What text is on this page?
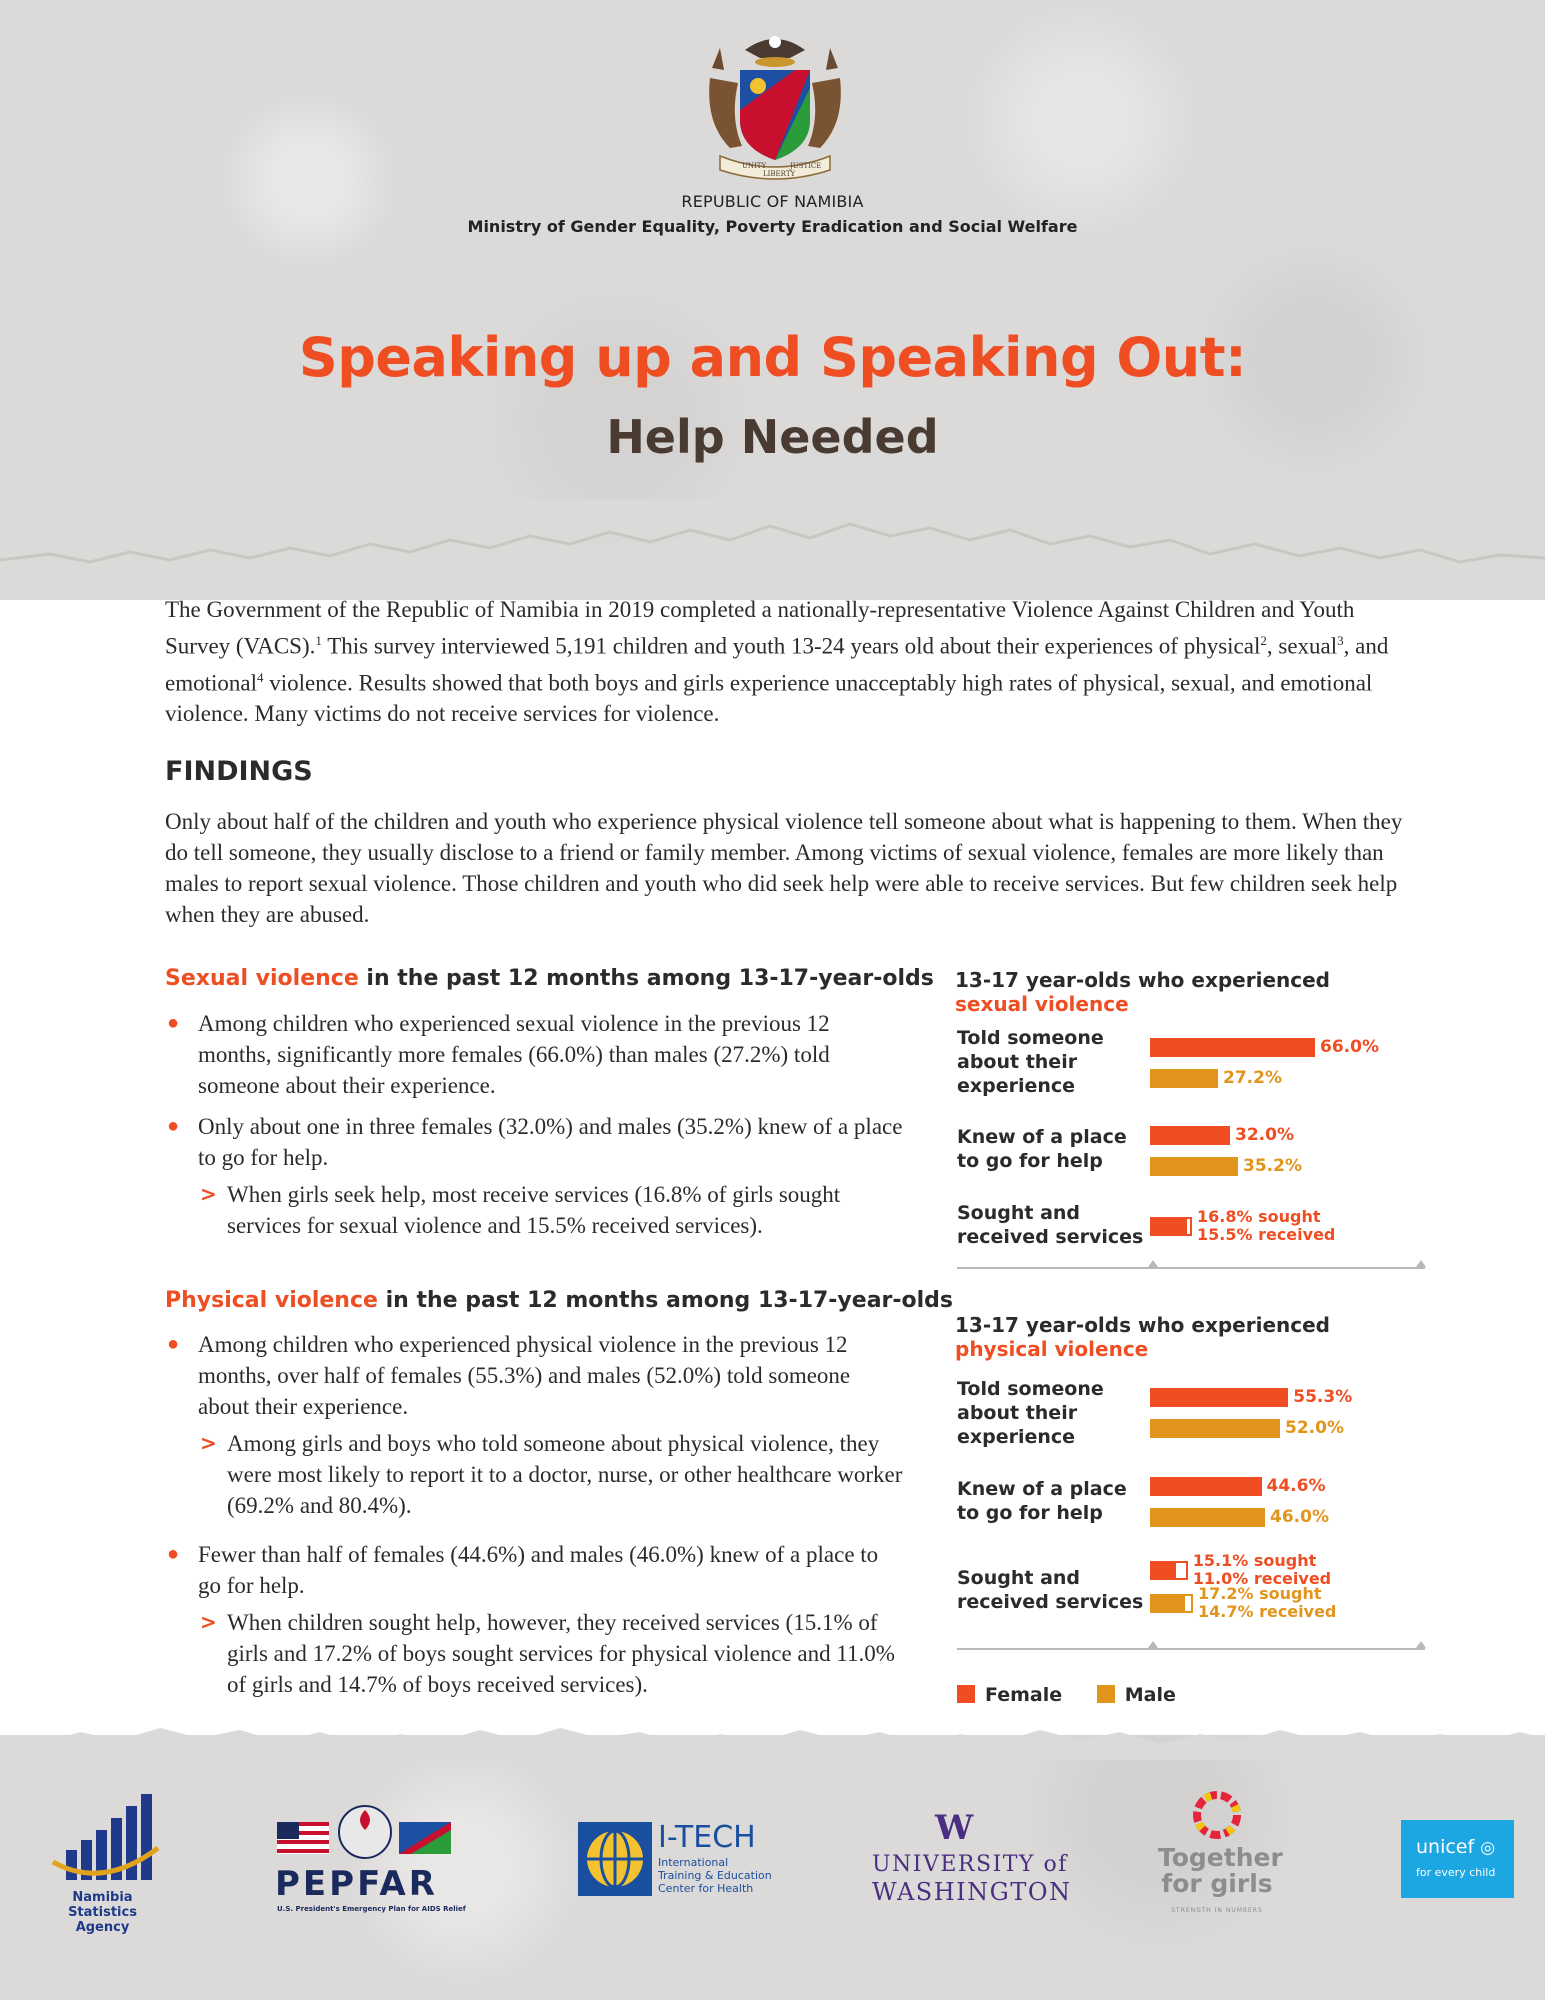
UNITY
LIBERTY
JUSTICE
REPUBLIC OF NAMIBIA
Ministry of Gender Equality, Poverty Eradication and Social Welfare
Speaking up and Speaking Out:
Help Needed

The Government of the Republic of Namibia in 2019 completed a nationally-representative Violence Against Children and Youth Survey (VACS).$^1$ This survey interviewed 5,191 children and youth 13-24 years old about their experiences of physical$^2$, sexual$^3$, and emotional$^4$ violence. Results showed that both boys and girls experience unacceptably high rates of physical, sexual, and emotional violence. Many victims do not receive services for violence.

FINDINGS

Only about half of the children and youth who experience physical violence tell someone about what is happening to them. When they do tell someone, they usually disclose to a friend or family member. Among victims of sexual violence, females are more likely than males to report sexual violence. Those children and youth who did seek help were able to receive services. But few children seek help when they are abused.

Sexual violence in the past 12 months among 13-17-year-olds

● Among children who experienced sexual violence in the previous 12 months, significantly more females (66.0%) than males (27.2%) told someone about their experience.

● Only about one in three females (32.0%) and males (35.2%) knew of a place to go for help.

> When girls seek help, most receive services (16.8% of girls sought services for sexual violence and 15.5% received services).

Physical violence in the past 12 months among 13-17-year-olds

● Among children who experienced physical violence in the previous 12 months, over half of females (55.3%) and males (52.0%) told someone about their experience.

> Among girls and boys who told someone about physical violence, they were most likely to report it to a doctor, nurse, or other healthcare worker (69.2% and 80.4%).

● Fewer than half of females (44.6%) and males (46.0%) knew of a place to go for help.

> When children sought help, however, they received services (15.1% of girls and 17.2% of boys sought services for physical violence and 11.0% of girls and 14.7% of boys received services).

13-17 year-olds who experienced
sexual violence
Told someone
about their
experience
Knew of a place
to go for help
Sought and
received services
66.0%
32.0%
16.8% sought
15.5% received
27.2%
35.2%
13-17 year-olds who experienced
physical violence
Told someone
about their
experience
Knew of a place
to go for help
Sought and
received services
55.3%
44.6%
15.1% sought
11.0% received
52.0%
46.0%
17.2% sought
14.7% received
Female	Male
Namibia Statistics
Agency
PEPFAR
U.S. President's Emergency Plan for AIDS Relief
I-TECH
International
Training & Education
Center for Health
W
UNIVERSITY of
WASHINGTON
Together
for girls
STRENGTH IN NUMBERS
unicef ◎
for every child
